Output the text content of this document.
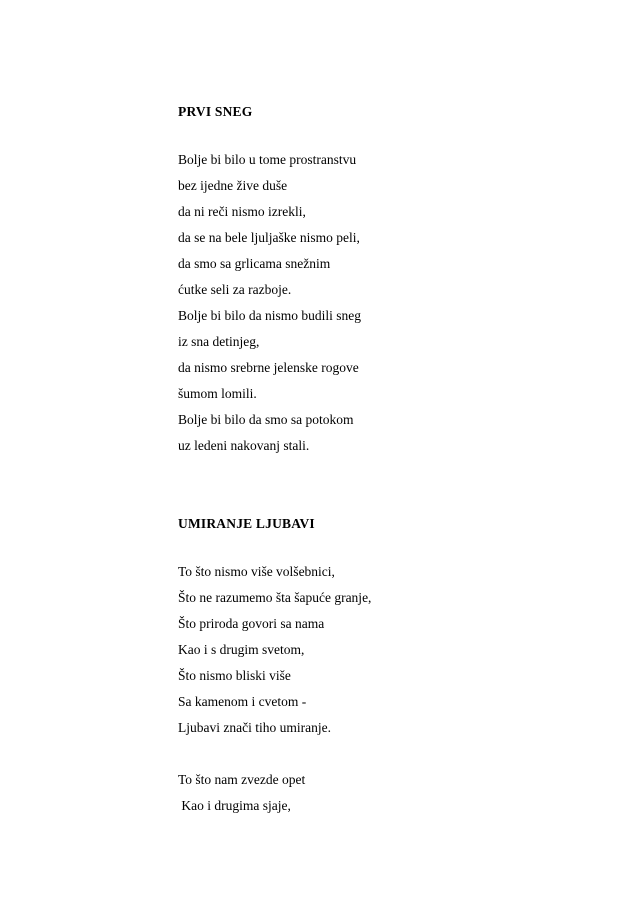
PRVI SNEG
Bolje bi bilo u tome prostranstvu
bez ijedne žive duše
da ni reči nismo izrekli,
da se na bele ljuljaške nismo peli,
da smo sa grlicama snežnim
ćutke seli za razboje.
Bolje bi bilo da nismo budili sneg
iz sna detinjeg,
da nismo srebrne jelenske rogove
šumom lomili.
Bolje bi bilo da smo sa potokom
uz ledeni nakovanj stali.
UMIRANJE LJUBAVI
To što nismo više volšebnici,
Što ne razumemo šta šapuće granje,
Što priroda govori sa nama
Kao i s drugim svetom,
Što nismo bliski više
Sa kamenom i cvetom -
Ljubavi znači tiho umiranje.
To što nam zvezde opet
Kao i drugima sjaje,
